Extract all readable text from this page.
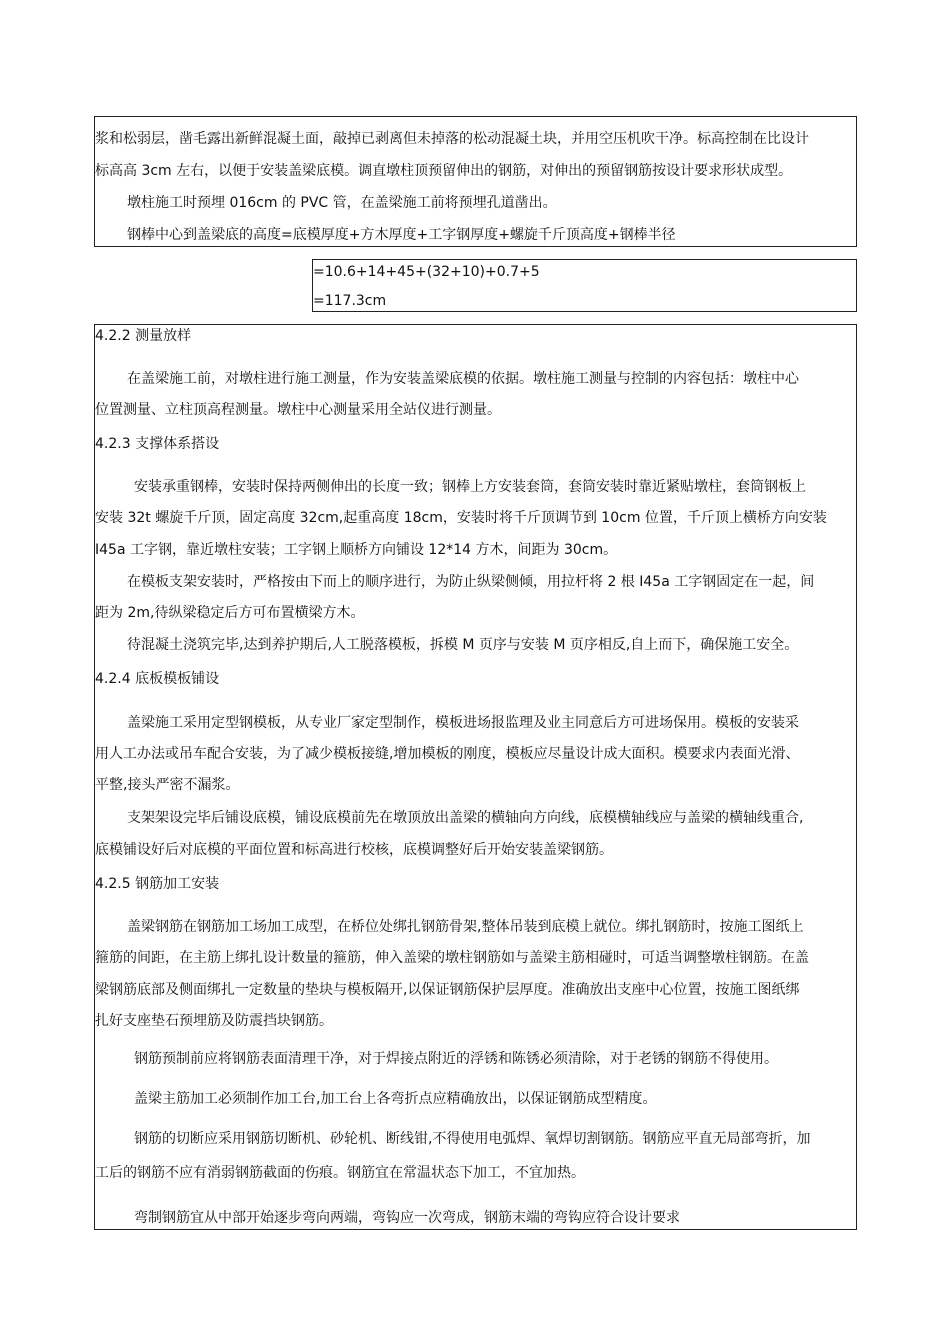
浆和松弱层，凿毛露出新鲜混凝土面，敲掉已剥离但未掉落的松动混凝土块，并用空压机吹干净。标高控制在比设计
标高高 3cm 左右，以便于安装盖梁底模。调直墩柱顶预留伸出的钢筋，对伸出的预留钢筋按设计要求形状成型。
墩柱施工时预埋 016cm 的 PVC 管，在盖梁施工前将预埋孔道凿出。
钢棒中心到盖梁底的高度=底模厚度+方木厚度+工字钢厚度+螺旋千斤顶高度+钢棒半径
=10.6+14+45+(32+10)+0.7+5
=117.3cm
4.2.2 测量放样
在盖梁施工前，对墩柱进行施工测量，作为安装盖梁底模的依据。墩柱施工测量与控制的内容包括：墩柱中心
位置测量、立柱顶高程测量。墩柱中心测量采用全站仪进行测量。
4.2.3 支撑体系搭设
安装承重钢棒，安装时保持两侧伸出的长度一致；钢棒上方安装套筒，套筒安装时靠近紧贴墩柱，套筒钢板上
安装 32t 螺旋千斤顶，固定高度 32cm,起重高度 18cm，安装时将千斤顶调节到 10cm 位置，千斤顶上横桥方向安装
I45a 工字钢，靠近墩柱安装；工字钢上顺桥方向铺设 12*14 方木，间距为 30cm。
在模板支架安装时，严格按由下而上的顺序进行，为防止纵梁侧倾，用拉杆将 2 根 I45a 工字钢固定在一起，间
距为 2m,待纵梁稳定后方可布置横梁方木。
待混凝土浇筑完毕,达到养护期后,人工脱落模板，拆模 M 页序与安装 M 页序相反,自上而下，确保施工安全。
4.2.4 底板模板铺设
盖梁施工采用定型钢模板，从专业厂家定型制作，模板进场报监理及业主同意后方可进场保用。模板的安装采
用人工办法或吊车配合安装，为了减少模板接缝,增加模板的刚度，模板应尽量设计成大面积。模要求内表面光滑、
平整,接头严密不漏浆。
支架架设完毕后铺设底模，铺设底模前先在墩顶放出盖梁的横轴向方向线，底模横轴线应与盖梁的横轴线重合,
底模铺设好后对底模的平面位置和标高进行校核，底模调整好后开始安装盖梁钢筋。
4.2.5 钢筋加工安装
盖梁钢筋在钢筋加工场加工成型，在桥位处绑扎钢筋骨架,整体吊装到底模上就位。绑扎钢筋时，按施工图纸上
箍筋的间距，在主筋上绑扎设计数量的箍筋，伸入盖梁的墩柱钢筋如与盖梁主筋相碰时，可适当调整墩柱钢筋。在盖
梁钢筋底部及侧面绑扎一定数量的垫块与模板隔开,以保证钢筋保护层厚度。准确放出支座中心位置，按施工图纸绑
扎好支座垫石预埋筋及防震挡块钢筋。
钢筋预制前应将钢筋表面清理干净，对于焊接点附近的浮锈和陈锈必须清除，对于老锈的钢筋不得使用。
盖梁主筋加工必须制作加工台,加工台上各弯折点应精确放出，以保证钢筋成型精度。
钢筋的切断应采用钢筋切断机、砂轮机、断线钳,不得使用电弧焊、氧焊切割钢筋。钢筋应平直无局部弯折，加
工后的钢筋不应有消弱钢筋截面的伤痕。钢筋宜在常温状态下加工，不宜加热。
弯制钢筋宜从中部开始逐步弯向两端，弯钩应一次弯成，钢筋末端的弯钩应符合设计要求
